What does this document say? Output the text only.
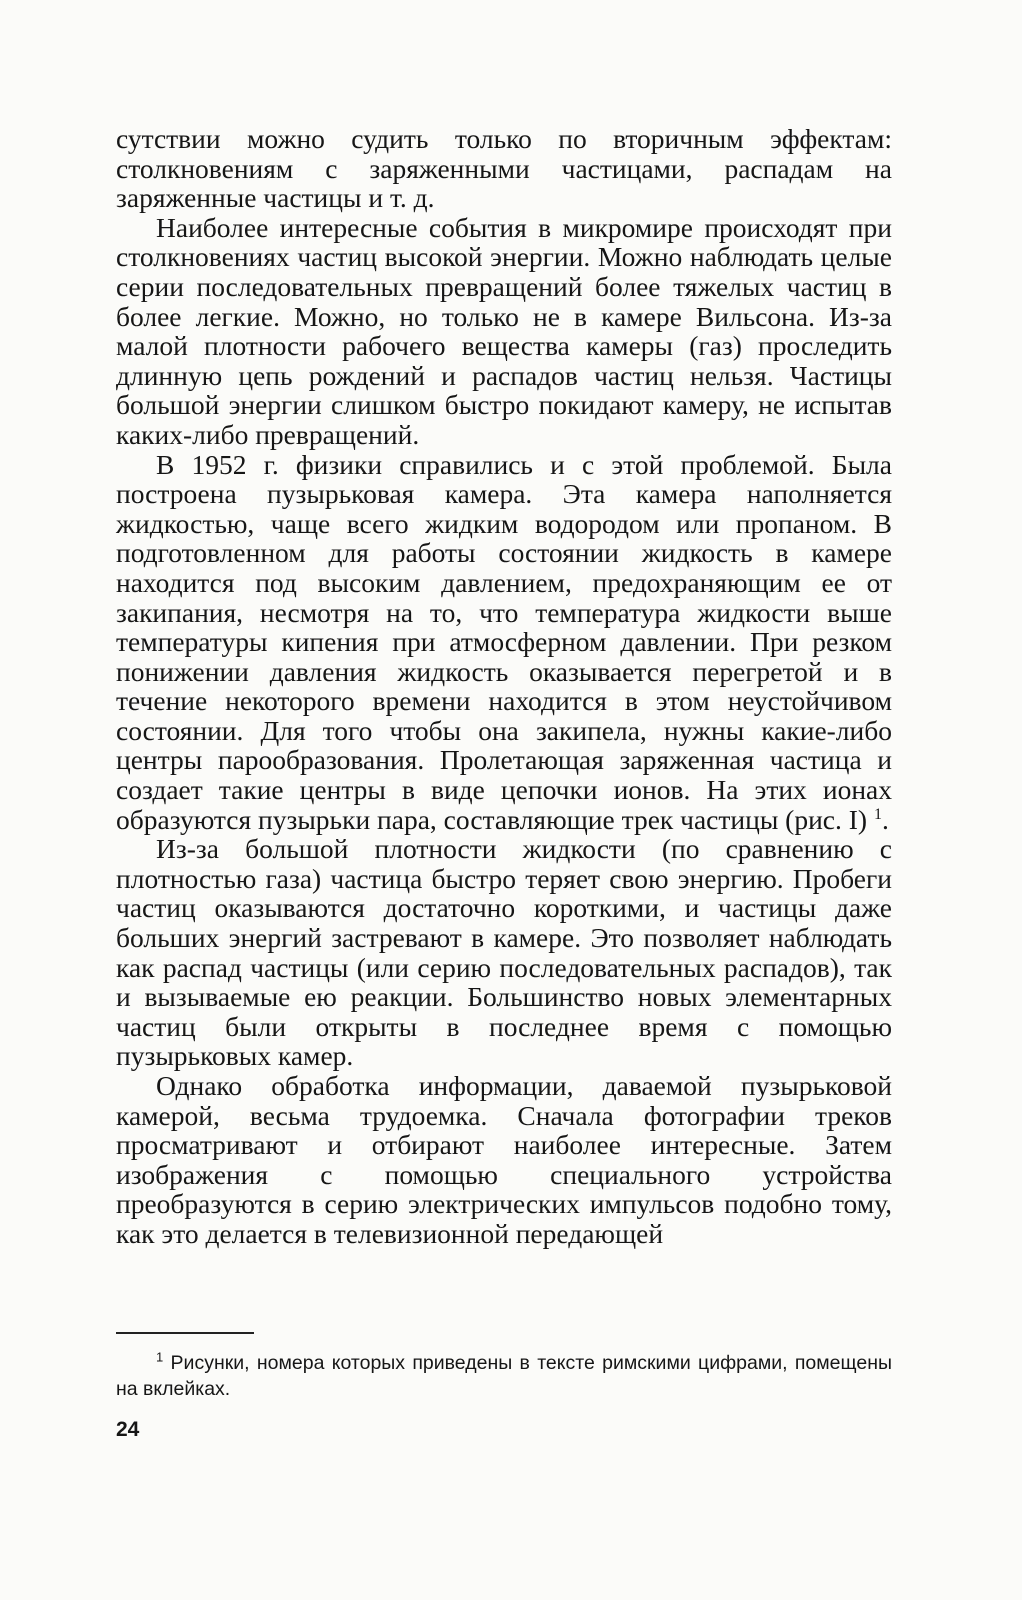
сутствии можно судить только по вторичным эффектам: столкновениям с заряженными частицами, распадам на заряженные частицы и т. д.

Наиболее интересные события в микромире происходят при столкновениях частиц высокой энергии. Можно наблюдать целые серии последовательных превращений более тяжелых частиц в более легкие. Можно, но только не в камере Вильсона. Из-за малой плотности рабочего вещества камеры (газ) проследить длинную цепь рождений и распадов частиц нельзя. Частицы большой энергии слишком быстро покидают камеру, не испытав каких-либо превращений.

В 1952 г. физики справились и с этой проблемой. Была построена пузырьковая камера. Эта камера наполняется жидкостью, чаще всего жидким водородом или пропаном. В подготовленном для работы состоянии жидкость в камере находится под высоким давлением, предохраняющим ее от закипания, несмотря на то, что температура жидкости выше температуры кипения при атмосферном давлении. При резком понижении давления жидкость оказывается перегретой и в течение некоторого времени находится в этом неустойчивом состоянии. Для того чтобы она закипела, нужны какие-либо центры парообразования. Пролетающая заряженная частица и создает такие центры в виде цепочки ионов. На этих ионах образуются пузырьки пара, составляющие трек частицы (рис. I) $^1$.

Из-за большой плотности жидкости (по сравнению с плотностью газа) частица быстро теряет свою энергию. Пробеги частиц оказываются достаточно короткими, и частицы даже больших энергий застревают в камере. Это позволяет наблюдать как распад частицы (или серию последовательных распадов), так и вызываемые ею реакции. Большинство новых элементарных частиц были открыты в последнее время с помощью пузырьковых камер.

Однако обработка информации, даваемой пузырьковой камерой, весьма трудоемка. Сначала фотографии треков просматривают и отбирают наиболее интересные. Затем изображения с помощью специального устройства преобразуются в серию электрических импульсов подобно тому, как это делается в телевизионной передающей

$^1$ Рисунки, номера которых приведены в тексте римскими цифрами, помещены на вклейках.
24
